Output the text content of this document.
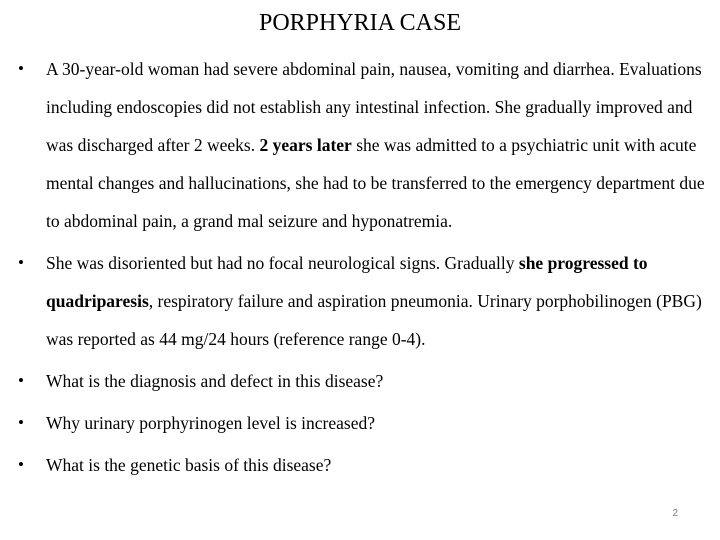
PORPHYRIA CASE
•	A 30-year-old woman had severe abdominal pain, nausea, vomiting and diarrhea. Evaluations including endoscopies did not establish any intestinal infection. She gradually improved and was discharged after 2 weeks. 2 years later she was admitted to a psychiatric unit with acute mental changes and hallucinations, she had to be transferred to the emergency department due to abdominal pain, a grand mal seizure and hyponatremia.
•	She was disoriented but had no focal neurological signs. Gradually she progressed to quadriparesis, respiratory failure and aspiration pneumonia. Urinary porphobilinogen (PBG) was reported as 44 mg/24 hours (reference range 0-4).
•	What is the diagnosis and defect in this disease?
•	Why urinary porphyrinogen level is increased?
•	What is the genetic basis of this disease?
2
